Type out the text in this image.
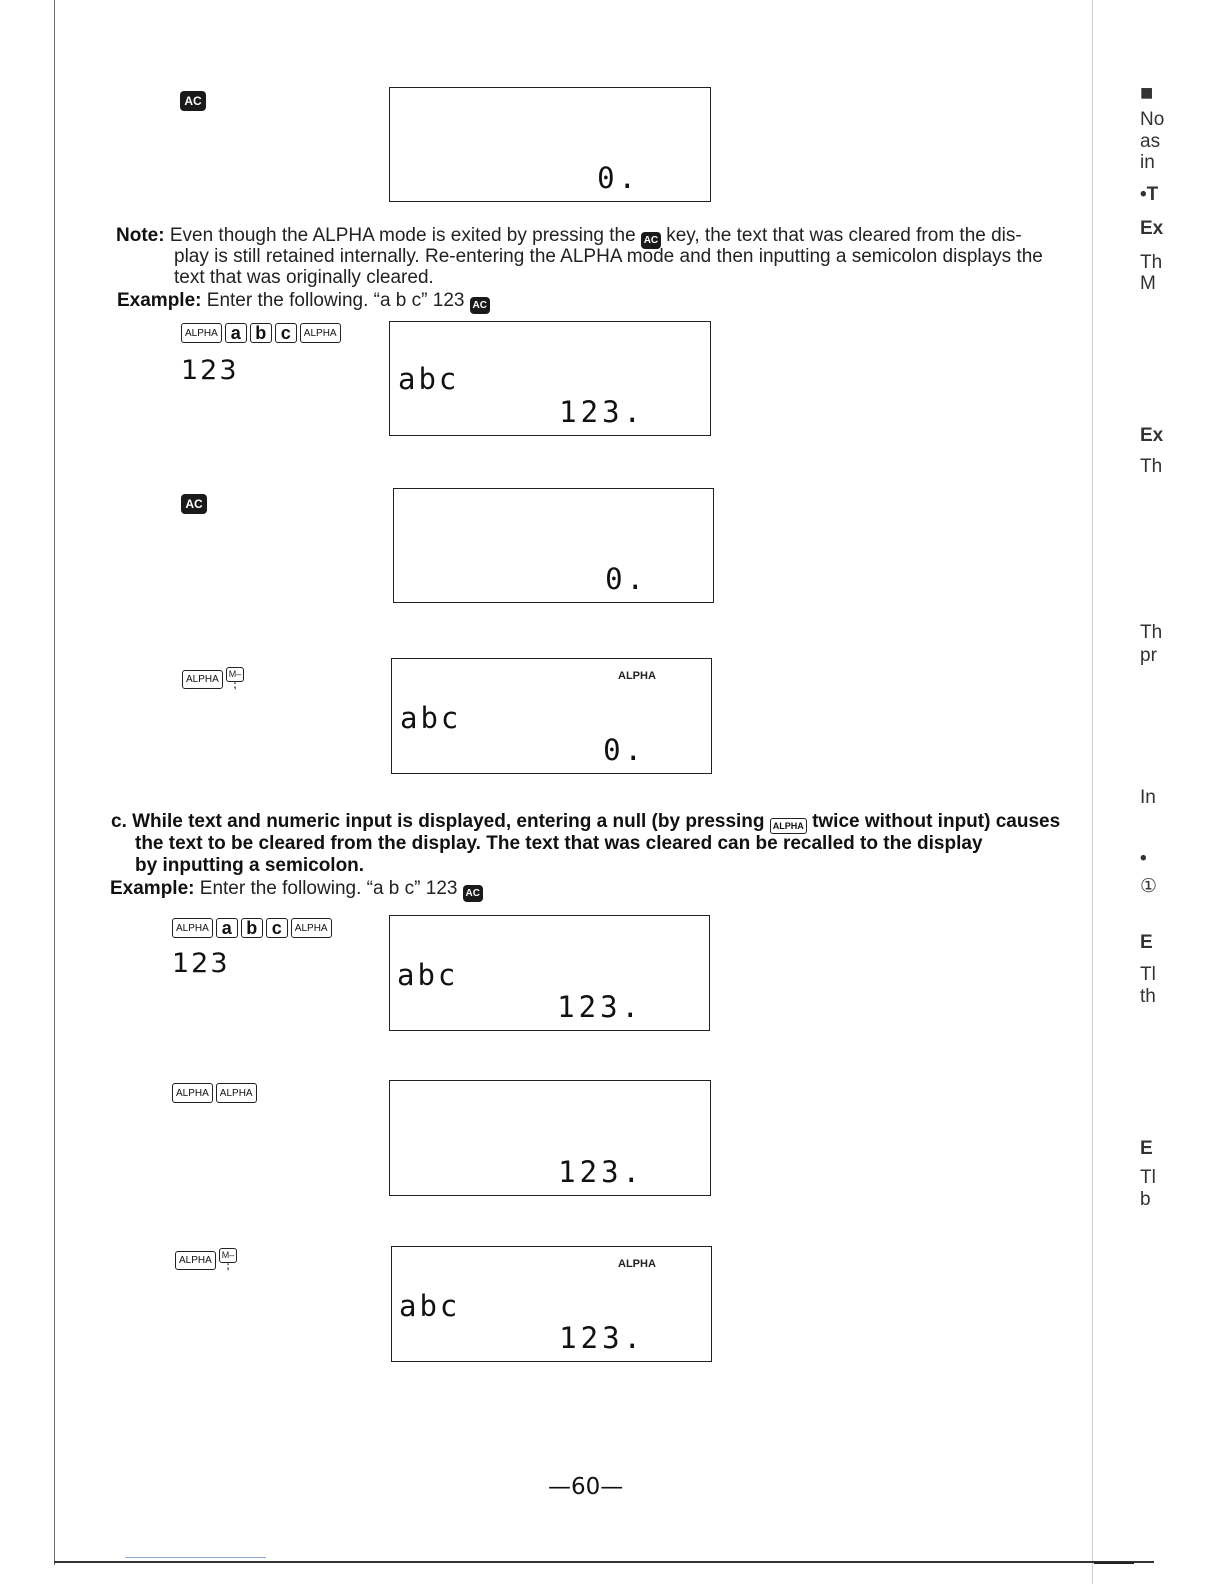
AC
0.
Note: Even though the ALPHA mode is exited by pressing the AC key, the text that was cleared from the dis-
play is still retained internally. Re-entering the ALPHA mode and then inputting a semicolon displays the
text that was originally cleared.
Example: Enter the following. “a b c” 123 AC
ALPHA a b c	ALPHA
123	abc
123.
AC
0.
ALPHA	M–
;
ALPHA
abc
0.
c. While text and numeric input is displayed, entering a null (by pressing ALPHA twice without input) causes
the text to be cleared from the display. The text that was cleared can be recalled to the display
by inputting a semicolon.
Example: Enter the following. “a b c” 123 AC
ALPHA a b c	ALPHA
123	abc
123.
ALPHA	ALPHA
123.
ALPHA	M–
;	ALPHA
abc
123.
—60—
■
No
as
in
•T
Ex
Th
M
Ex
Th
Th
pr
In
•
①
E
Tl
th
E
Tl
b
